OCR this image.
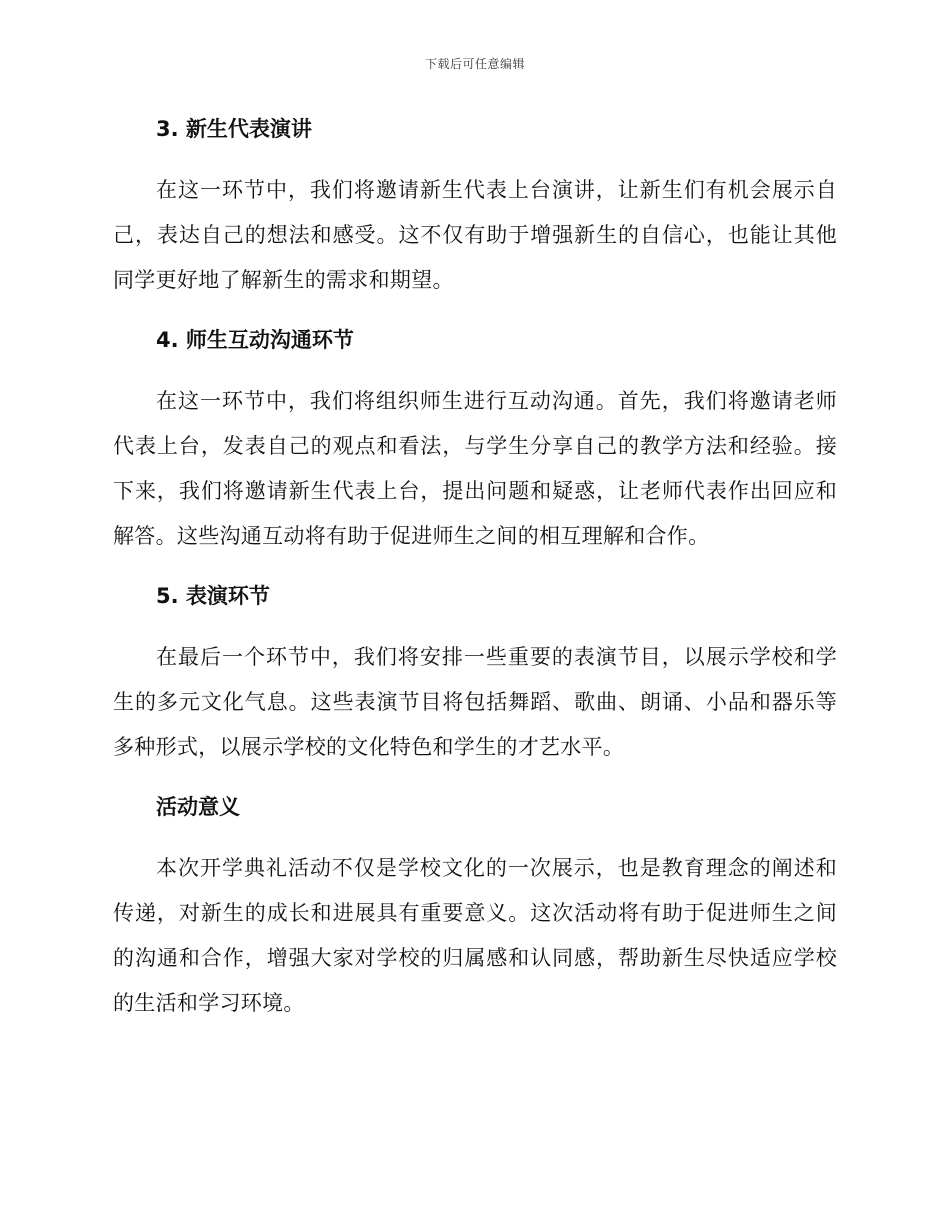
下载后可任意编辑
3. 新生代表演讲

在这一环节中，我们将邀请新生代表上台演讲，让新生们有机会展示自己，表达自己的想法和感受。这不仅有助于增强新生的自信心，也能让其他同学更好地了解新生的需求和期望。

4. 师生互动沟通环节

在这一环节中，我们将组织师生进行互动沟通。首先，我们将邀请老师代表上台，发表自己的观点和看法，与学生分享自己的教学方法和经验。接下来，我们将邀请新生代表上台，提出问题和疑惑，让老师代表作出回应和解答。这些沟通互动将有助于促进师生之间的相互理解和合作。

5. 表演环节

在最后一个环节中，我们将安排一些重要的表演节目，以展示学校和学生的多元文化气息。这些表演节目将包括舞蹈、歌曲、朗诵、小品和器乐等多种形式，以展示学校的文化特色和学生的才艺水平。

活动意义

本次开学典礼活动不仅是学校文化的一次展示，也是教育理念的阐述和传递，对新生的成长和进展具有重要意义。这次活动将有助于促进师生之间的沟通和合作，增强大家对学校的归属感和认同感，帮助新生尽快适应学校的生活和学习环境。
